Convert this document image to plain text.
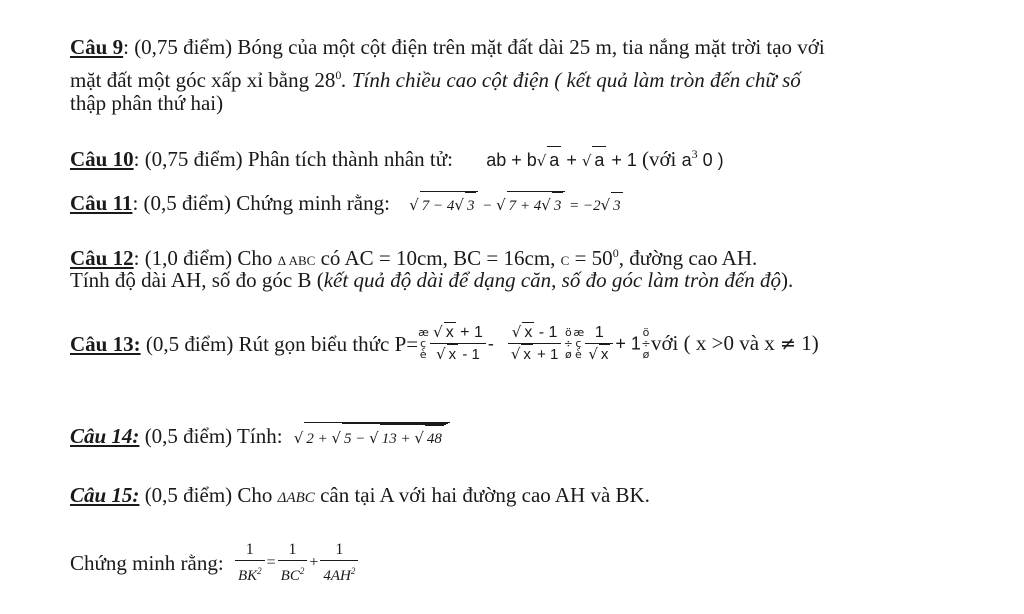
Câu 9: (0,75 điểm) Bóng của một cột điện trên mặt đất dài 25 m, tia nắng mặt trời tạo với
mặt đất một góc xấp xỉ bằng $28^0$. Tính chiều cao cột điện ( kết quả làm tròn đến chữ số
thập phân thứ hai)
Câu 10: (0,75 điểm) Phân tích thành nhân tử: ab + b√ a + √ a + 1 (với $a^3$ 0 )
Câu 11: (0,5 điểm) Chứng minh rằng: √ 7 − 4√ 3 − √ 7 + 4√ 3 = −2√ 3
Câu 12: (1,0 điểm) Cho Δ ABC có AC = 10cm, BC = 16cm, $C = 50^0$, đường cao AH.
Tính độ dài AH, số đo góc B (kết quả độ dài để dạng căn, số đo góc làm tròn đến độ).
Câu 13: (0,5 điểm) Rút gọn biểu thức P=æ
ç
è $\frac{√ x + 1}{√ x - 1} - \frac{√ x - 1}{√ x + 1}$ ö
÷
øæ
ç
è $\frac{1}{√ x}$ + 1ö
÷
øvới ( x >0 và x ≠ 1)
Câu 14: (0,5 điểm) Tính: √ 2 + √ 5 − √ 13 + √ 48
Câu 15: (0,5 điểm) Cho ΔABC cân tại A với hai đường cao AH và BK.
Chứng minh rằng: $\frac{1}{BK^2} = \frac{1}{BC^2} + \frac{1}{4AH^2}$
